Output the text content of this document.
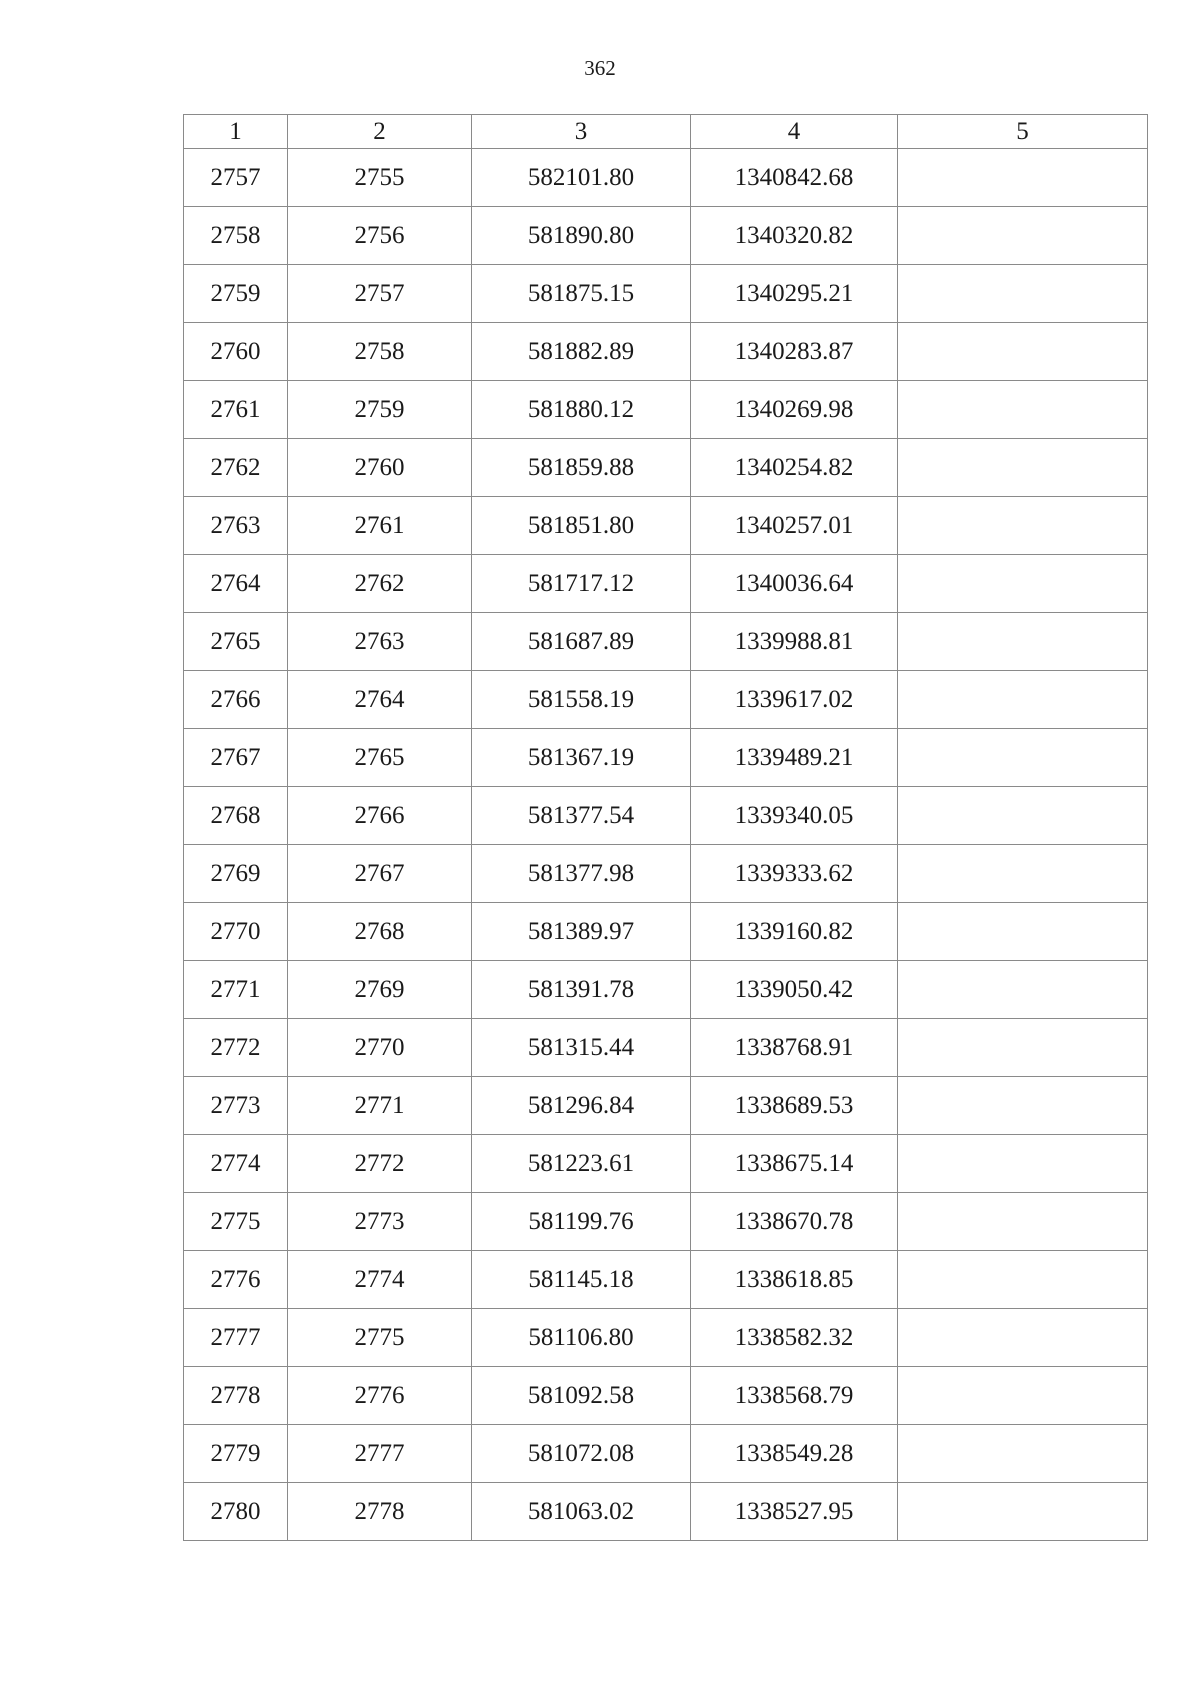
362
1	2	3	4	5
2757	2755	582101.80	1340842.68	
2758	2756	581890.80	1340320.82	
2759	2757	581875.15	1340295.21	
2760	2758	581882.89	1340283.87	
2761	2759	581880.12	1340269.98	
2762	2760	581859.88	1340254.82	
2763	2761	581851.80	1340257.01	
2764	2762	581717.12	1340036.64	
2765	2763	581687.89	1339988.81	
2766	2764	581558.19	1339617.02	
2767	2765	581367.19	1339489.21	
2768	2766	581377.54	1339340.05	
2769	2767	581377.98	1339333.62	
2770	2768	581389.97	1339160.82	
2771	2769	581391.78	1339050.42	
2772	2770	581315.44	1338768.91	
2773	2771	581296.84	1338689.53	
2774	2772	581223.61	1338675.14	
2775	2773	581199.76	1338670.78	
2776	2774	581145.18	1338618.85	
2777	2775	581106.80	1338582.32	
2778	2776	581092.58	1338568.79	
2779	2777	581072.08	1338549.28	
2780	2778	581063.02	1338527.95	
